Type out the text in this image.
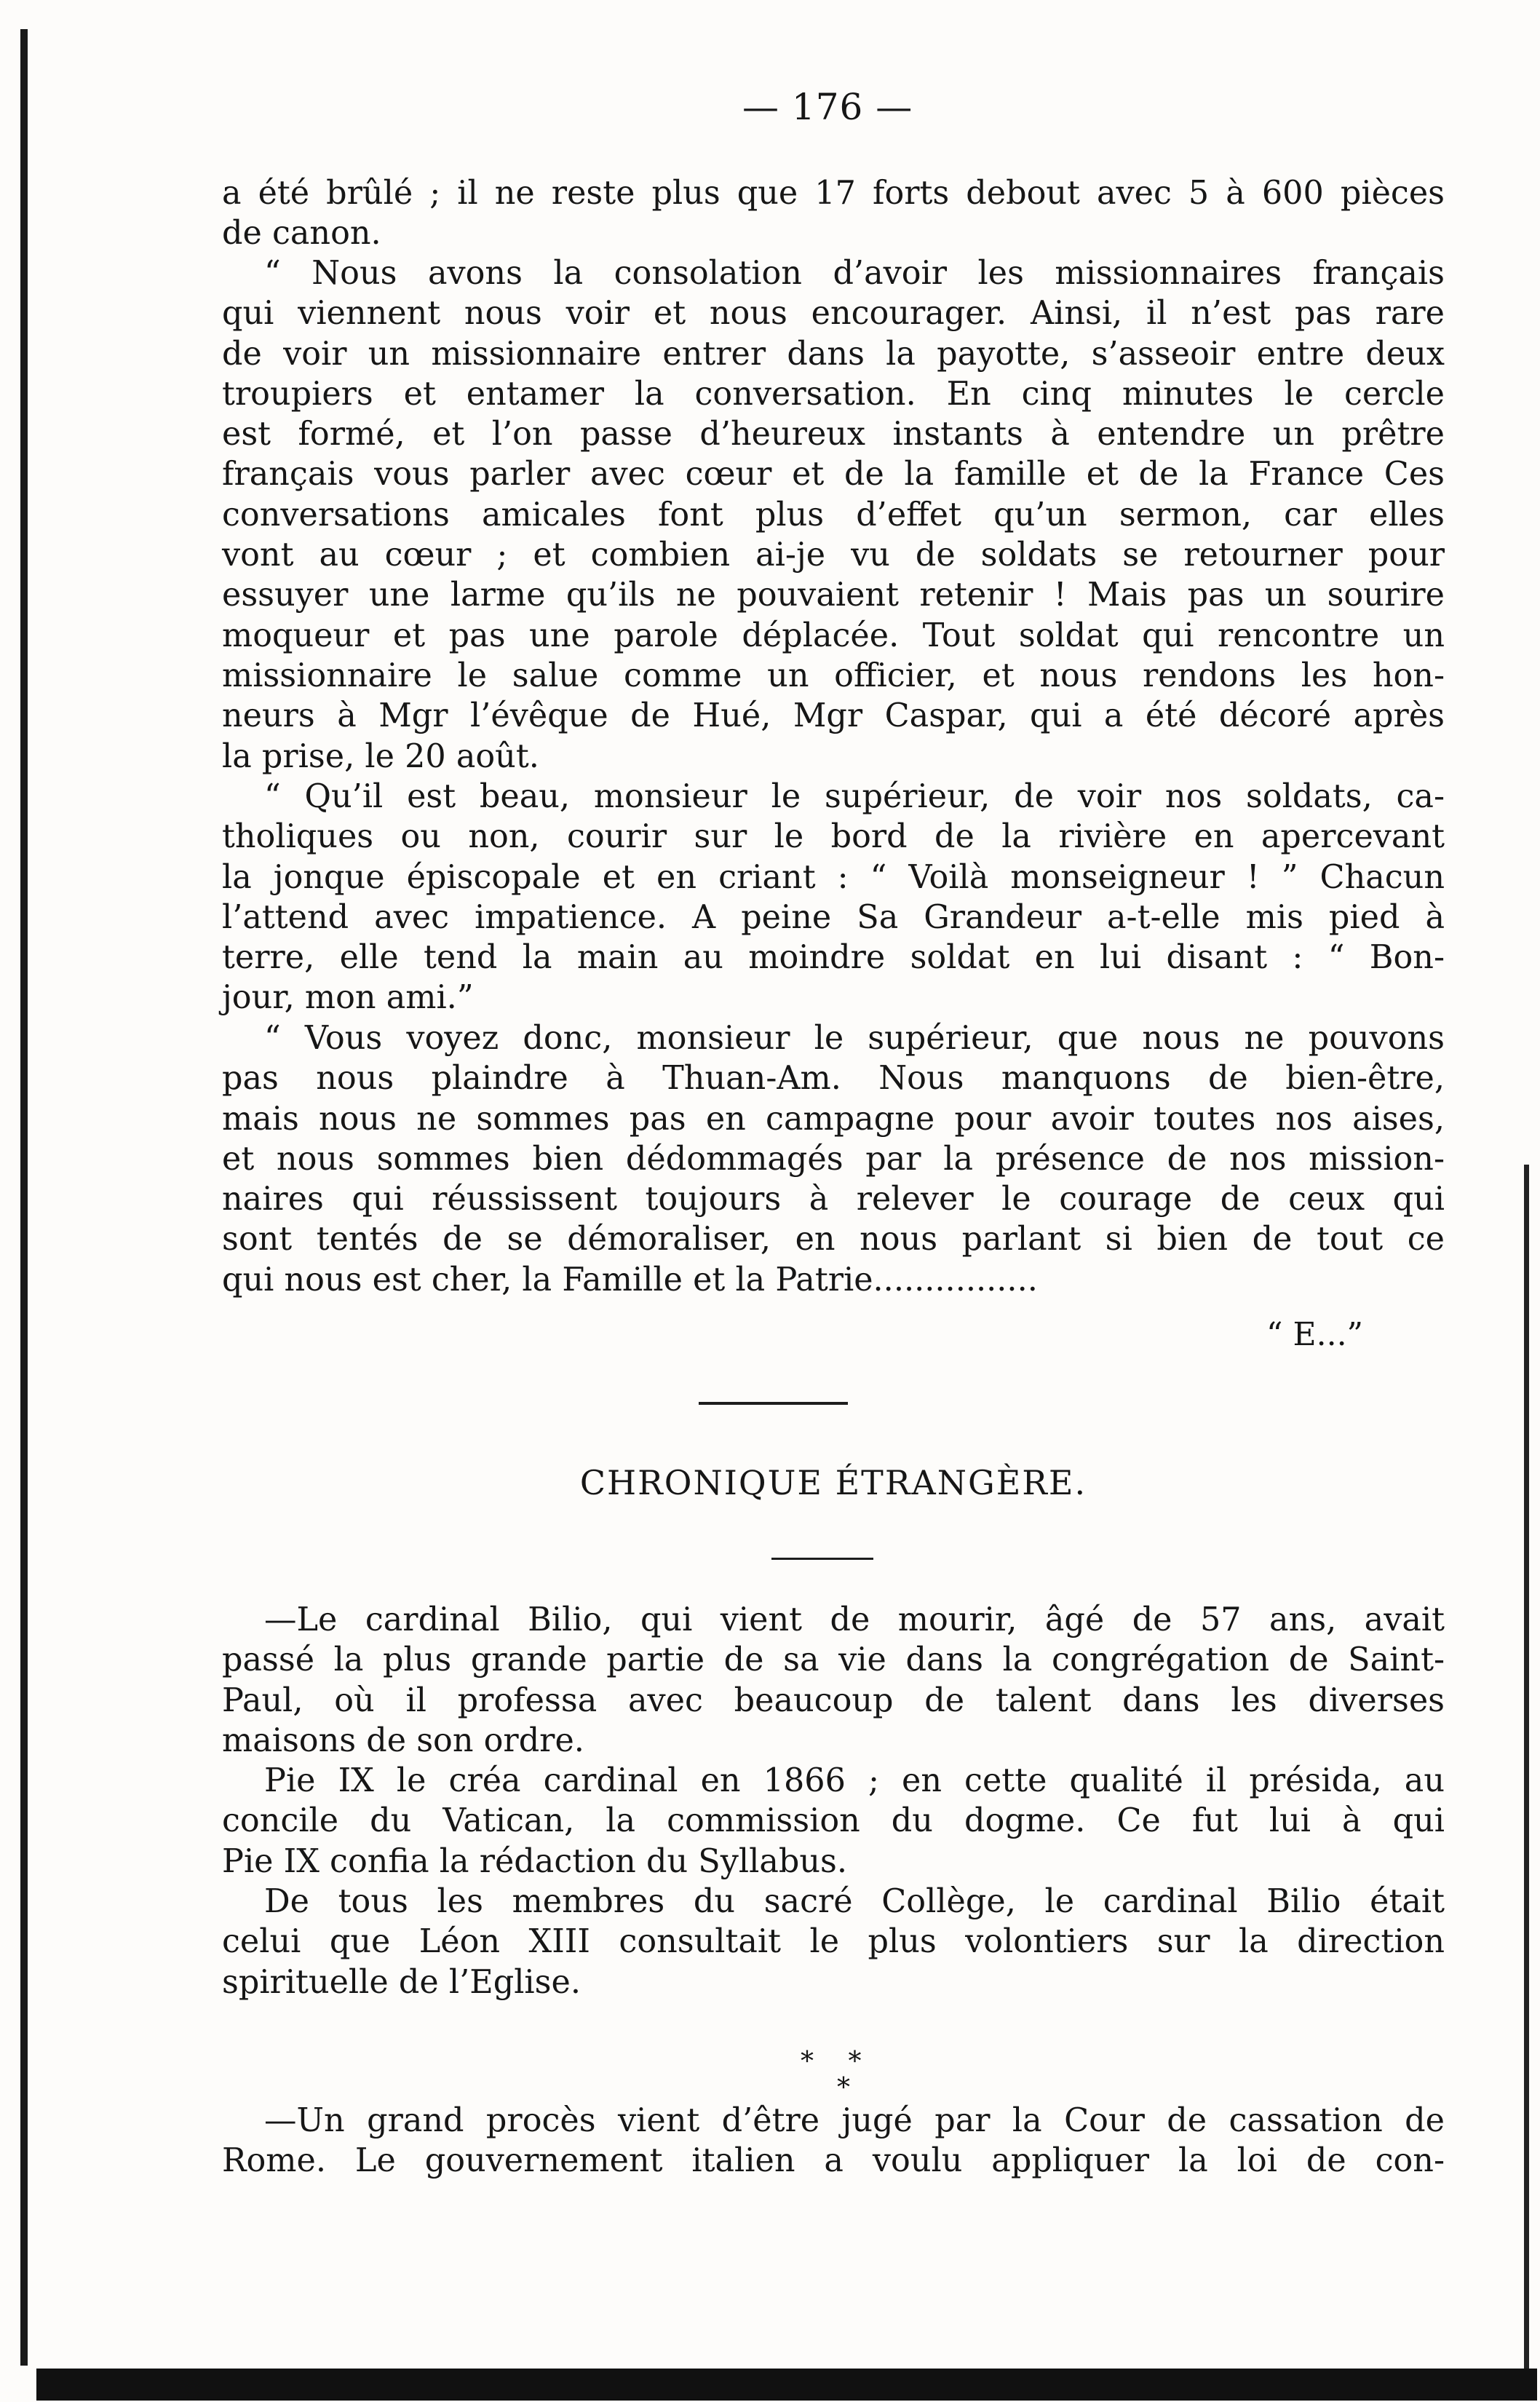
— 176 —
a été brûlé ; il ne reste plus que 17 forts debout avec 5 à 600 pièces
de canon.
“ Nous avons la consolation d’avoir les missionnaires français
qui viennent nous voir et nous encourager. Ainsi, il n’est pas rare
de voir un missionnaire entrer dans la payotte, s’asseoir entre deux
troupiers et entamer la conversation. En cinq minutes le cercle
est formé, et l’on passe d’heureux instants à entendre un prêtre
français vous parler avec cœur et de la famille et de la France Ces
conversations amicales font plus d’effet qu’un sermon, car elles
vont au cœur ; et combien ai-je vu de soldats se retourner pour
essuyer une larme qu’ils ne pouvaient retenir ! Mais pas un sourire
moqueur et pas une parole déplacée. Tout soldat qui rencontre un
missionnaire le salue comme un officier, et nous rendons les hon-
neurs à Mgr l’évêque de Hué, Mgr Caspar, qui a été décoré après
la prise, le 20 août.
“ Qu’il est beau, monsieur le supérieur, de voir nos soldats, ca-
tholiques ou non, courir sur le bord de la rivière en apercevant
la jonque épiscopale et en criant : “ Voilà monseigneur ! ” Chacun
l’attend avec impatience. A peine Sa Grandeur a-t-elle mis pied à
terre, elle tend la main au moindre soldat en lui disant : “ Bon-
jour, mon ami.”
“ Vous voyez donc, monsieur le supérieur, que nous ne pouvons
pas nous plaindre à Thuan-Am. Nous manquons de bien-être,
mais nous ne sommes pas en campagne pour avoir toutes nos aises,
et nous sommes bien dédommagés par la présence de nos mission-
naires qui réussissent toujours à relever le courage de ceux qui
sont tentés de se démoraliser, en nous parlant si bien de tout ce
qui nous est cher, la Famille et la Patrie................
“ E...”
CHRONIQUE ÉTRANGÈRE.
—Le cardinal Bilio, qui vient de mourir, âgé de 57 ans, avait
passé la plus grande partie de sa vie dans la congrégation de Saint-
Paul, où il professa avec beaucoup de talent dans les diverses
maisons de son ordre.
Pie IX le créa cardinal en 1866 ; en cette qualité il présida, au
concile du Vatican, la commission du dogme. Ce fut lui à qui
Pie IX confia la rédaction du Syllabus.
De tous les membres du sacré Collège, le cardinal Bilio était
celui que Léon XIII consultait le plus volontiers sur la direction
spirituelle de l’Eglise.
* *
*
—Un grand procès vient d’être jugé par la Cour de cassation de
Rome. Le gouvernement italien a voulu appliquer la loi de con-
